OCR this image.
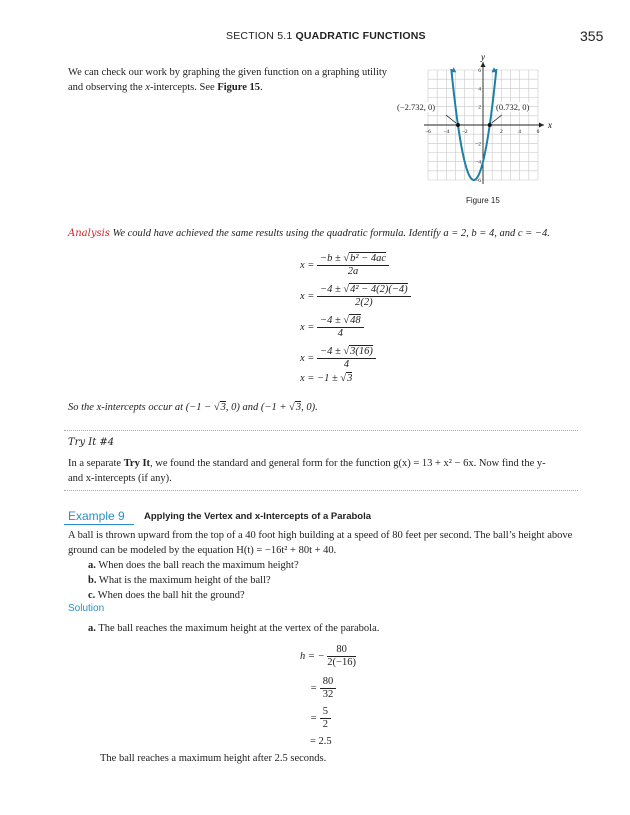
SECTION 5.1 QUADRATIC FUNCTIONS	355
We can check our work by graphing the given function on a graphing utility
and observing the x-intercepts. See Figure 15.
−6 −4 −2	2	4	6
6
4
2
−2
−4
−6
x
y
(−2.732, 0)	(0.732, 0)
Figure 15
Analysis We could have achieved the same results using the quadratic formula. Identify a = 2, b = 4, and c = −4.
$x = \frac{\text{−b ± √b² − 4ac}}{2a}$
$x = \frac{\text{−4 ± √4² − 4(2)(−4)}}{2(2)}$
$x = \frac{-4 \pm √48}{4}$
$x = \frac{-4 \pm √3(16)}{4}$
x = −1 ± √3
So the x-intercepts occur at (−1 − √3, 0) and (−1 + √3, 0).
Try It #4
In a separate Try It, we found the standard and general form for the function g(x) = 13 + x² − 6x. Now find the y-
and x-intercepts (if any).
Example 9 Applying the Vertex and x-Intercepts of a Parabola
A ball is thrown upward from the top of a 40 foot high building at a speed of 80 feet per second. The ball’s height above
ground can be modeled by the equation H(t) = −16t² + 80t + 40.
a. When does the ball reach the maximum height?
b. What is the maximum height of the ball?
c. When does the ball hit the ground?
Solution
a. The ball reaches the maximum height at the vertex of the parabola.
h = − $\frac{80}{2(-16)}$
= $\frac{80}{32}$
= $\frac{5}{2}$
= 2.5
The ball reaches a maximum height after 2.5 seconds.
